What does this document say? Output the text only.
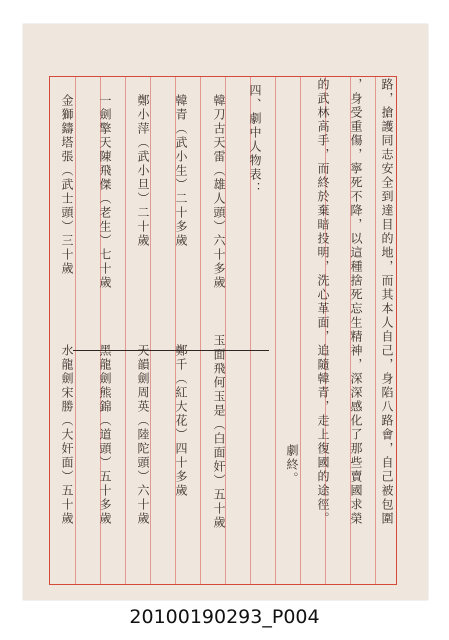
路，搶護同志安全到達目的地，而其本人自己，身陷八路會，自己被包圍
，身受重傷，寧死不降，以這種捨死忘生精神，深深感化了那些賣國求榮
的武林高手，而終於棄暗投明，洗心革面，追隨韓青，走上復國的途徑。
劇終。
四、劇中人物表：
韓刀古天雷（雄人頭）六十多歲
韓青（武小生）二十多歲
鄭小萍（武小旦）二十歲
一劍擎天陳飛傑（老生）七十歲
金獅鑄塔張（武士頭）三十歲
玉面飛何玉是（白面奸）五十歲
鄭千（紅大花）四十多歲
天韻劍周英（陸陀頭）六十歲
黑龍劍熊錦（道頭）五十多歲
水龍劍宋勝（大奸面）五十歲
20100190293_P004
